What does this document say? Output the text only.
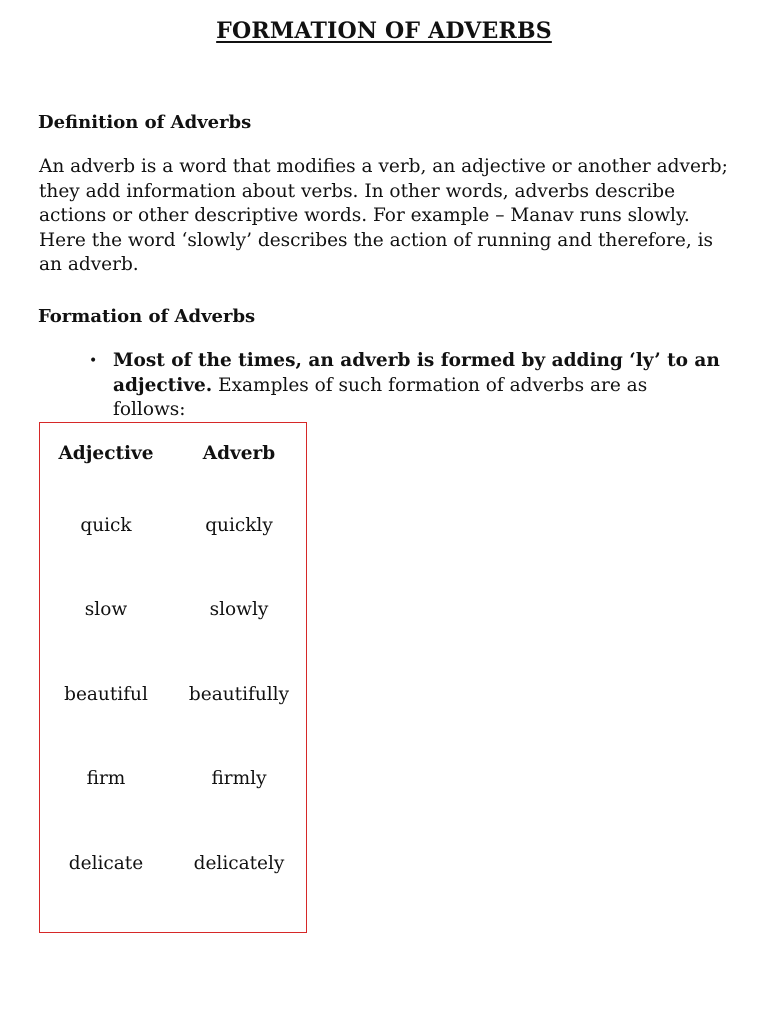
FORMATION OF ADVERBS
Definition of Adverbs

An adverb is a word that modifies a verb, an adjective or another adverb; they add information about verbs. In other words, adverbs describe actions or other descriptive words. For example – Manav runs slowly. Here the word ‘slowly’ describes the action of running and therefore, is an adverb.

Formation of Adverbs
• Most of the times, an adverb is formed by adding ‘ly’ to an adjective. Examples of such formation of adverbs are as follows:
Adjective	Adverb
quick	quickly
slow	slowly
beautiful	beautifully
firm	firmly
delicate	delicately
